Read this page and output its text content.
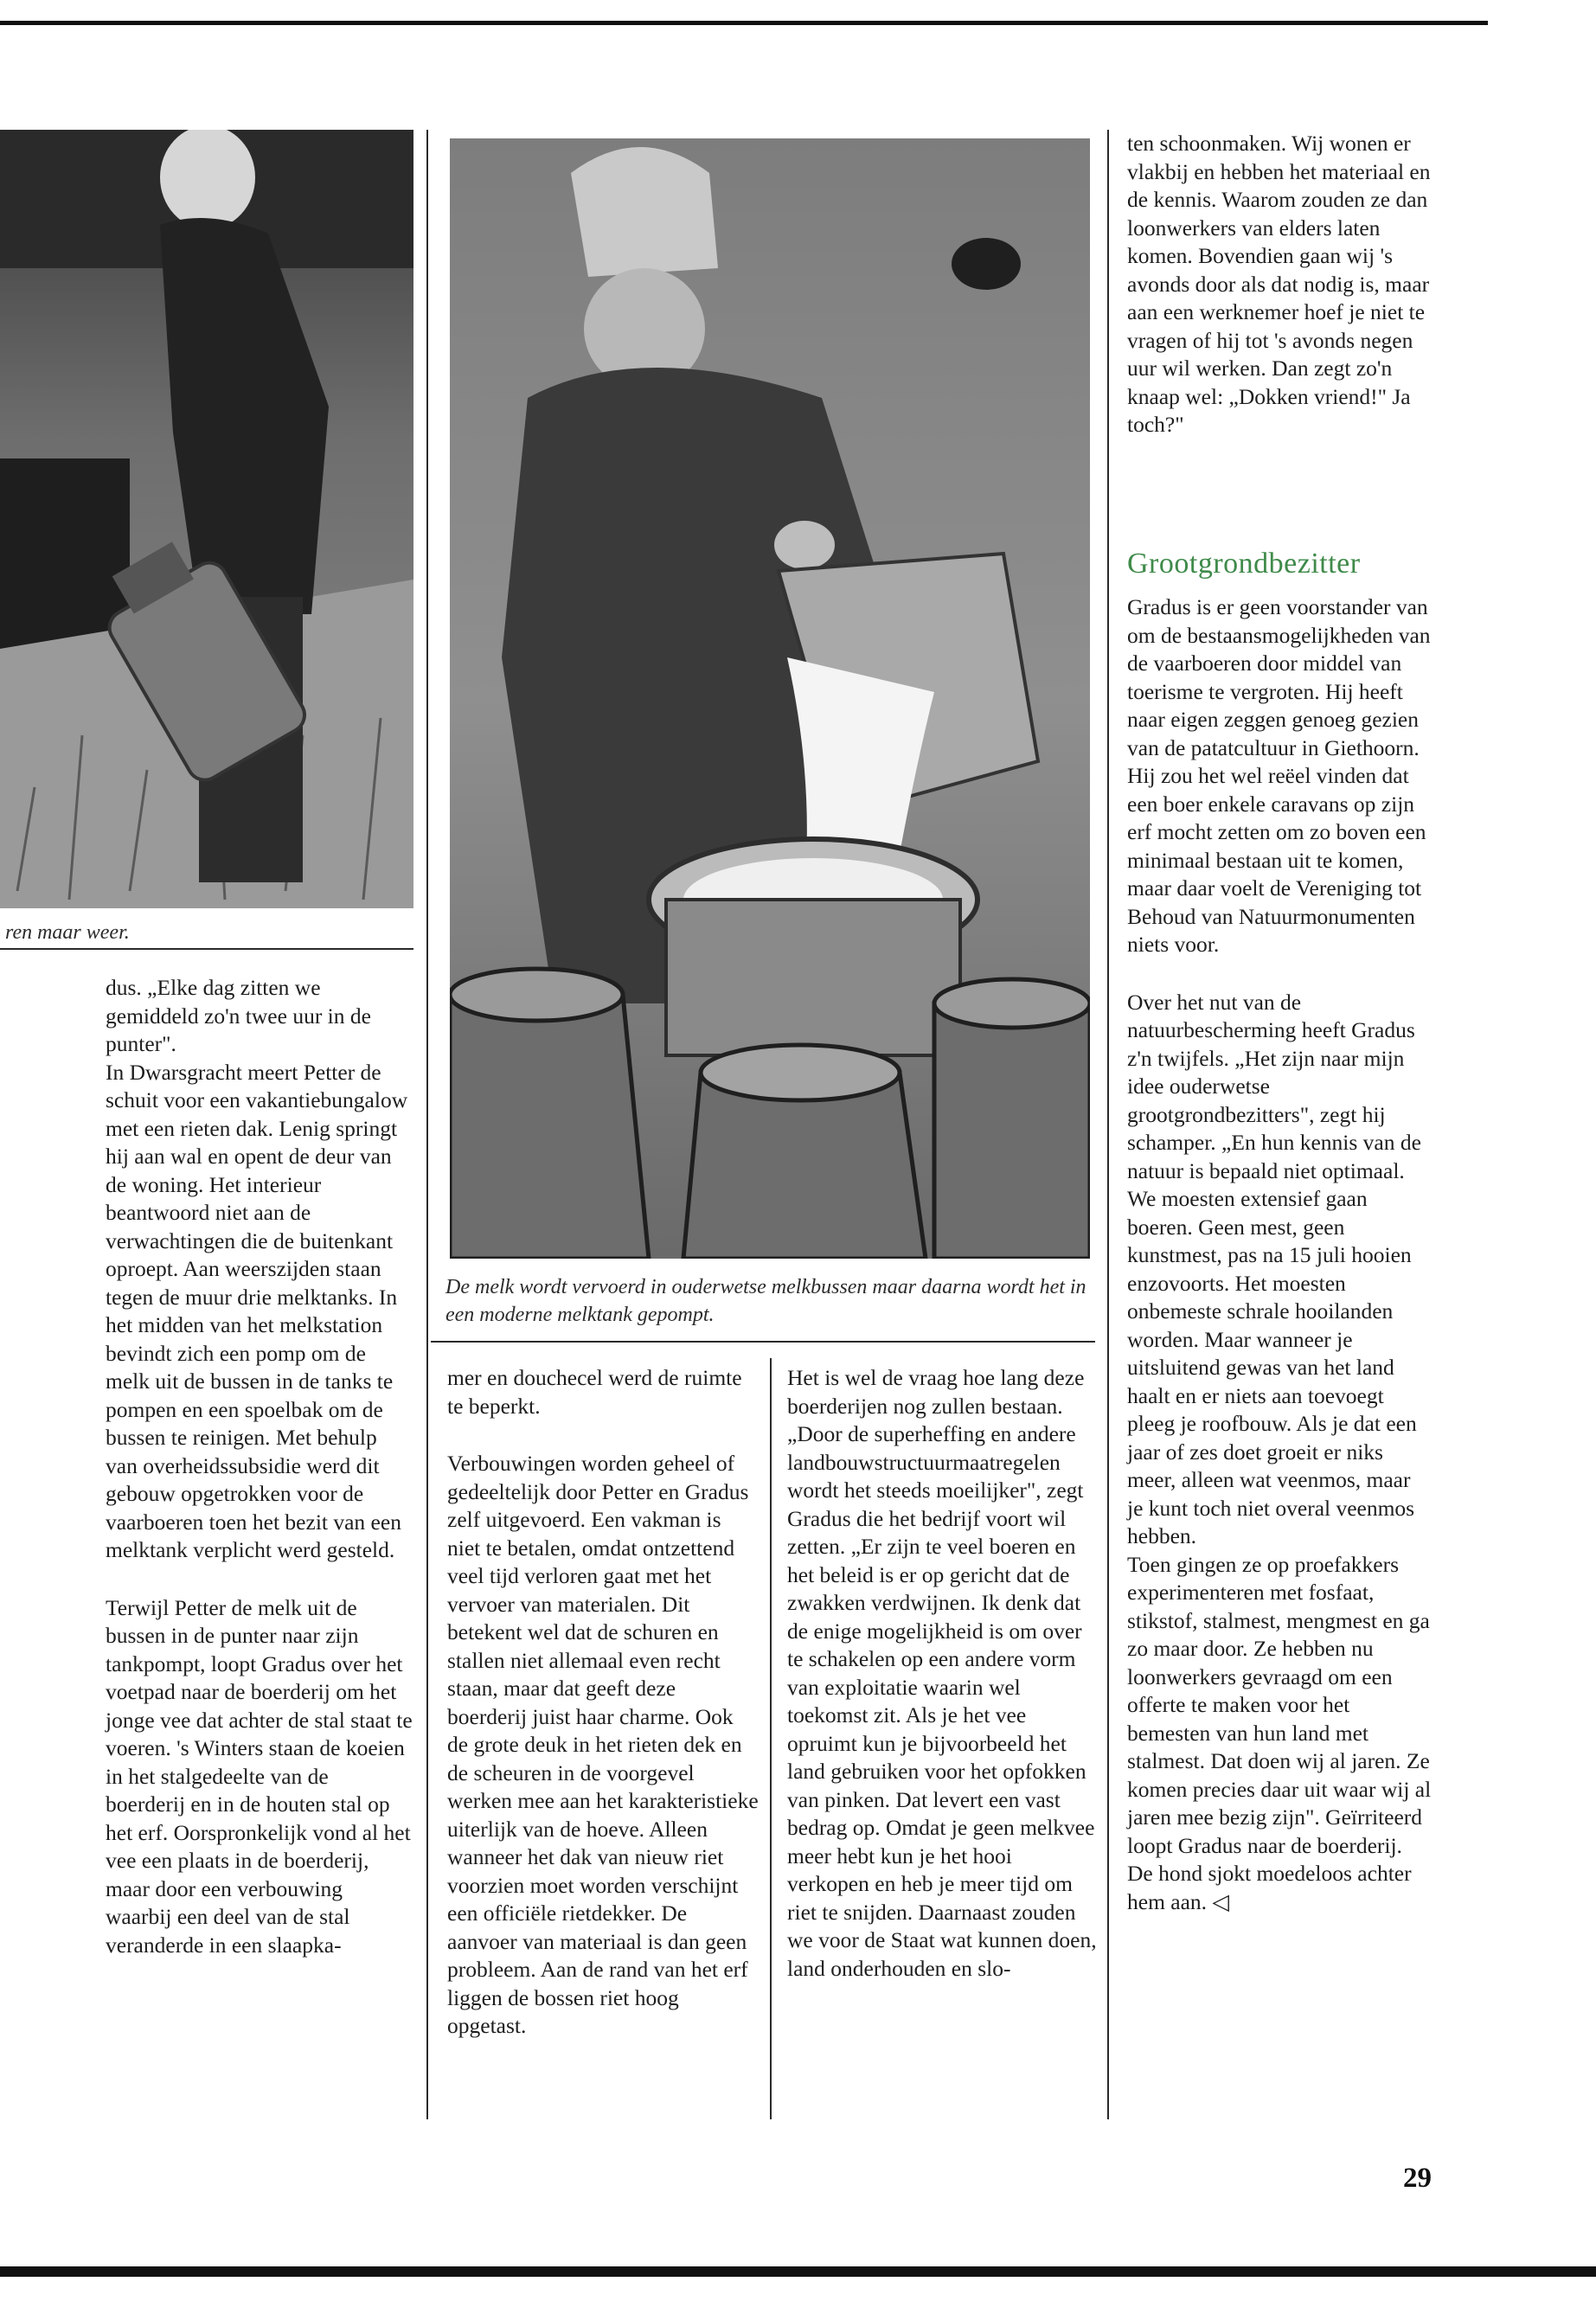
ren maar weer.
De melk wordt vervoerd in ouderwetse melkbussen maar daarna wordt het in een moderne melktank gepompt.

dus. „Elke dag zitten we gemiddeld zo'n twee uur in de punter".

In Dwarsgracht meert Petter de schuit voor een vakantiebungalow met een rieten dak. Lenig springt hij aan wal en opent de deur van de woning. Het interieur beantwoord niet aan de verwachtingen die de buitenkant oproept. Aan weerszijden staan tegen de muur drie melktanks. In het midden van het melkstation bevindt zich een pomp om de melk uit de bussen in de tanks te pompen en een spoelbak om de bussen te reinigen. Met behulp van overheidssubsidie werd dit gebouw opgetrokken voor de vaarboeren toen het bezit van een melktank verplicht werd gesteld.

Terwijl Petter de melk uit de bussen in de punter naar zijn tankpompt, loopt Gradus over het voetpad naar de boerderij om het jonge vee dat achter de stal staat te voeren. 's Winters staan de koeien in het stalgedeelte van de boerderij en in de houten stal op het erf. Oorspronkelijk vond al het vee een plaats in de boerderij, maar door een verbouwing waarbij een deel van de stal veranderde in een slaapka-

mer en douchecel werd de ruimte te beperkt.

Verbouwingen worden geheel of gedeeltelijk door Petter en Gradus zelf uitgevoerd. Een vakman is niet te betalen, omdat ontzettend veel tijd verloren gaat met het vervoer van materialen. Dit betekent wel dat de schuren en stallen niet allemaal even recht staan, maar dat geeft deze boerderij juist haar charme. Ook de grote deuk in het rieten dek en de scheuren in de voorgevel werken mee aan het karakteristieke uiterlijk van de hoeve. Alleen wanneer het dak van nieuw riet voorzien moet worden verschijnt een officiële rietdekker. De aanvoer van materiaal is dan geen probleem. Aan de rand van het erf liggen de bossen riet hoog opgetast.

Het is wel de vraag hoe lang deze boerderijen nog zullen bestaan. „Door de superheffing en andere landbouwstructuurmaatregelen wordt het steeds moeilijker", zegt Gradus die het bedrijf voort wil zetten. „Er zijn te veel boeren en het beleid is er op gericht dat de zwakken verdwijnen. Ik denk dat de enige mogelijkheid is om over te schakelen op een andere vorm van exploitatie waarin wel toekomst zit. Als je het vee opruimt kun je bijvoorbeeld het land gebruiken voor het opfokken van pinken. Dat levert een vast bedrag op. Omdat je geen melkvee meer hebt kun je het hooi verkopen en heb je meer tijd om riet te snijden. Daarnaast zouden we voor de Staat wat kunnen doen, land onderhouden en slo-

ten schoonmaken. Wij wonen er vlakbij en hebben het materiaal en de kennis. Waarom zouden ze dan loonwerkers van elders laten komen. Bovendien gaan wij 's avonds door als dat nodig is, maar aan een werknemer hoef je niet te vragen of hij tot 's avonds negen uur wil werken. Dan zegt zo'n knaap wel: „Dokken vriend!" Ja toch?"

Grootgrondbezitter

Gradus is er geen voorstander van om de bestaansmogelijkheden van de vaarboeren door middel van toerisme te vergroten. Hij heeft naar eigen zeggen genoeg gezien van de patatcultuur in Giethoorn. Hij zou het wel reëel vinden dat een boer enkele caravans op zijn erf mocht zetten om zo boven een minimaal bestaan uit te komen, maar daar voelt de Vereniging tot Behoud van Natuurmonumenten niets voor.

Over het nut van de natuurbescherming heeft Gradus z'n twijfels. „Het zijn naar mijn idee ouderwetse grootgrondbezitters", zegt hij schamper. „En hun kennis van de natuur is bepaald niet optimaal. We moesten extensief gaan boeren. Geen mest, geen kunstmest, pas na 15 juli hooien enzovoorts. Het moesten onbemeste schrale hooilanden worden. Maar wanneer je uitsluitend gewas van het land haalt en er niets aan toevoegt pleeg je roofbouw. Als je dat een jaar of zes doet groeit er niks meer, alleen wat veenmos, maar je kunt toch niet overal veenmos hebben.

Toen gingen ze op proefakkers experimenteren met fosfaat, stikstof, stalmest, mengmest en ga zo maar door. Ze hebben nu loonwerkers gevraagd om een offerte te maken voor het bemesten van hun land met stalmest. Dat doen wij al jaren. Ze komen precies daar uit waar wij al jaren mee bezig zijn". Geïrriteerd loopt Gradus naar de boerderij. De hond sjokt moedeloos achter hem aan. ◁

29
